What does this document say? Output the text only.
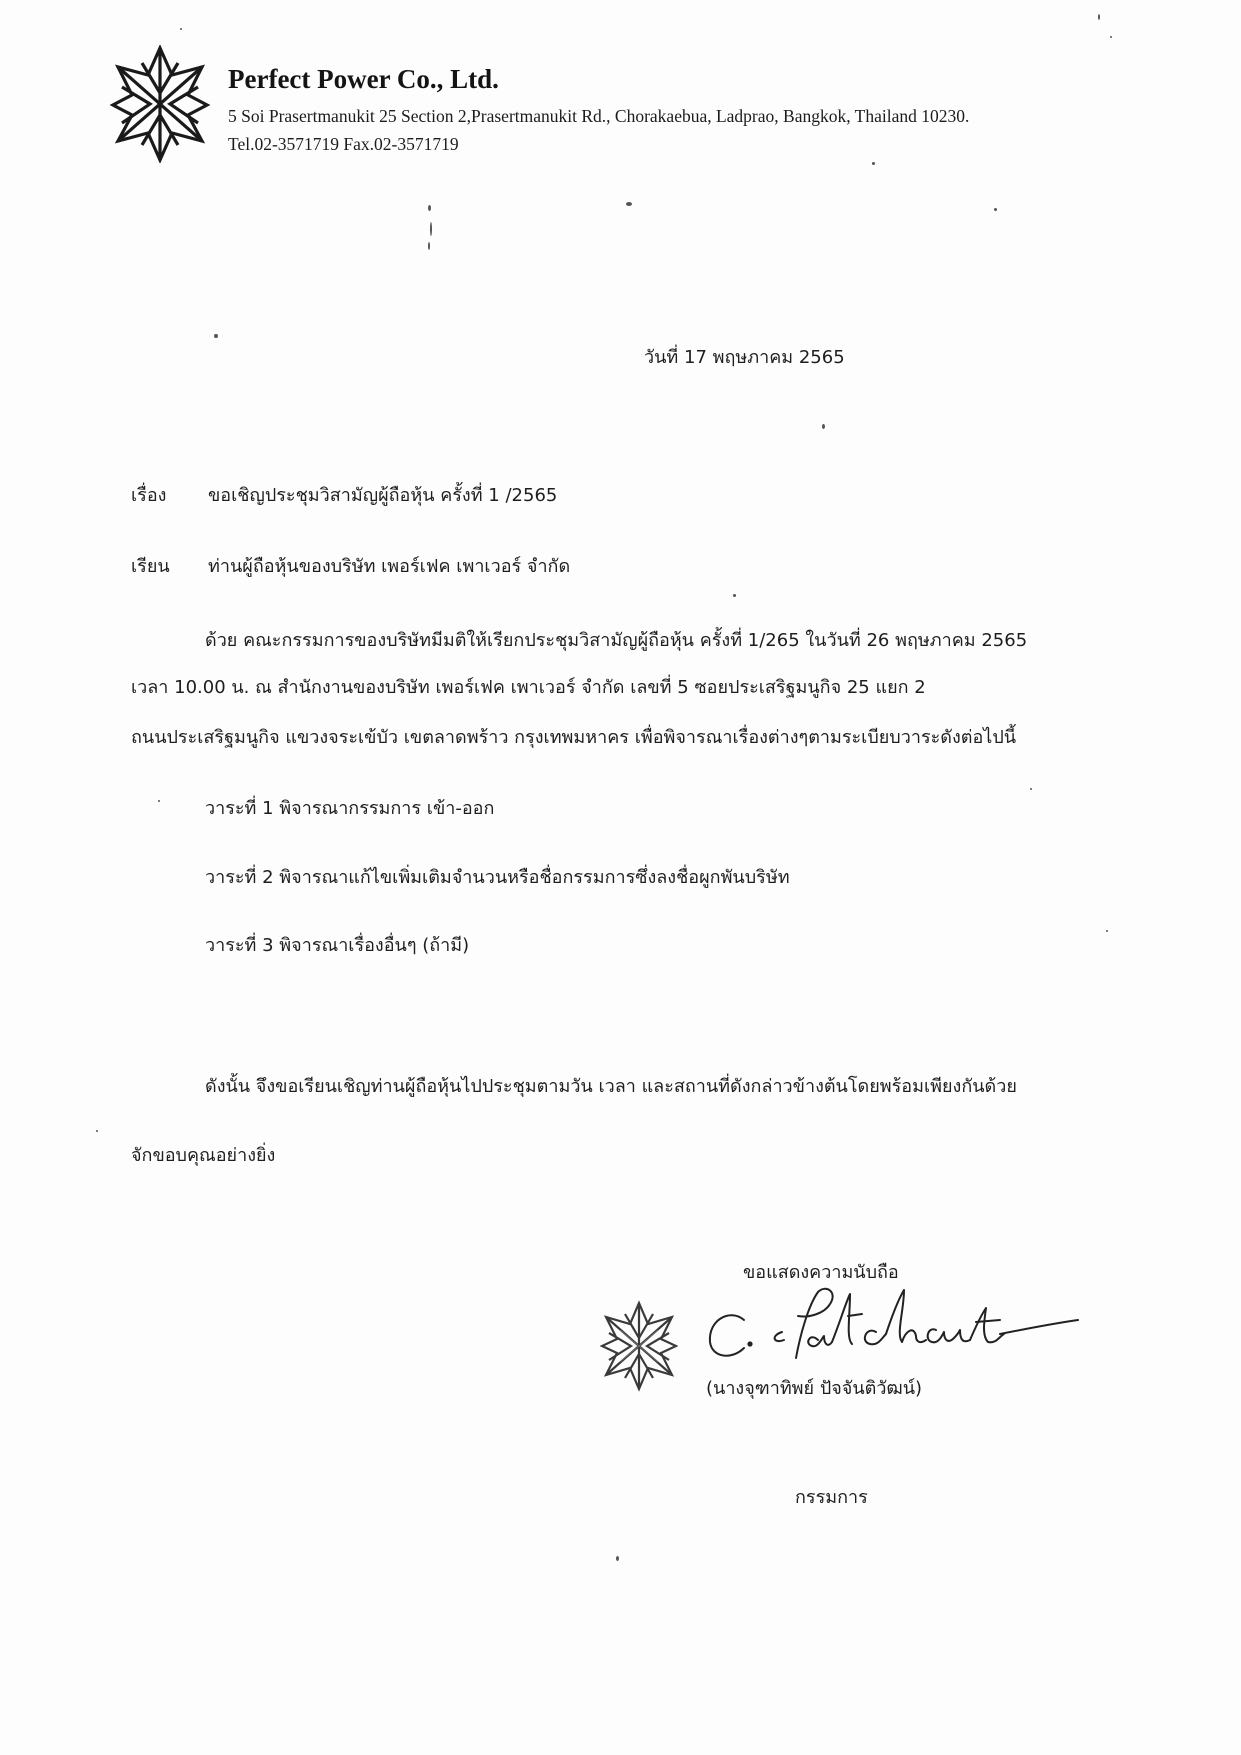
Perfect Power Co., Ltd.
5 Soi Prasertmanukit 25 Section 2,Prasertmanukit Rd., Chorakaebua, Ladprao, Bangkok, Thailand 10230.
Tel.02-3571719 Fax.02-3571719
วันที่ 17 พฤษภาคม 2565
เรื่อง ขอเชิญประชุมวิสามัญผู้ถือหุ้น ครั้งที่ 1 /2565
เรียน ท่านผู้ถือหุ้นของบริษัท เพอร์เฟค เพาเวอร์ จำกัด
ด้วย คณะกรรมการของบริษัทมีมติให้เรียกประชุมวิสามัญผู้ถือหุ้น ครั้งที่ 1/265 ในวันที่ 26 พฤษภาคม 2565
เวลา 10.00 น. ณ สำนักงานของบริษัท เพอร์เฟค เพาเวอร์ จำกัด เลขที่ 5 ซอยประเสริฐมนูกิจ 25 แยก 2
ถนนประเสริฐมนูกิจ แขวงจระเข้บัว เขตลาดพร้าว กรุงเทพมหาคร เพื่อพิจารณาเรื่องต่างๆตามระเบียบวาระดังต่อไปนี้
วาระที่ 1 พิจารณากรรมการ เข้า-ออก
วาระที่ 2 พิจารณาแก้ไขเพิ่มเติมจำนวนหรือชื่อกรรมการซึ่งลงชื่อผูกพันบริษัท
วาระที่ 3 พิจารณาเรื่องอื่นๆ (ถ้ามี)
ดังนั้น จึงขอเรียนเชิญท่านผู้ถือหุ้นไปประชุมตามวัน เวลา และสถานที่ดังกล่าวข้างต้นโดยพร้อมเพียงกันด้วย
จักขอบคุณอย่างยิ่ง
ขอแสดงความนับถือ
(นางจุฑาทิพย์ ปัจจันติวัฒน์)
กรรมการ
